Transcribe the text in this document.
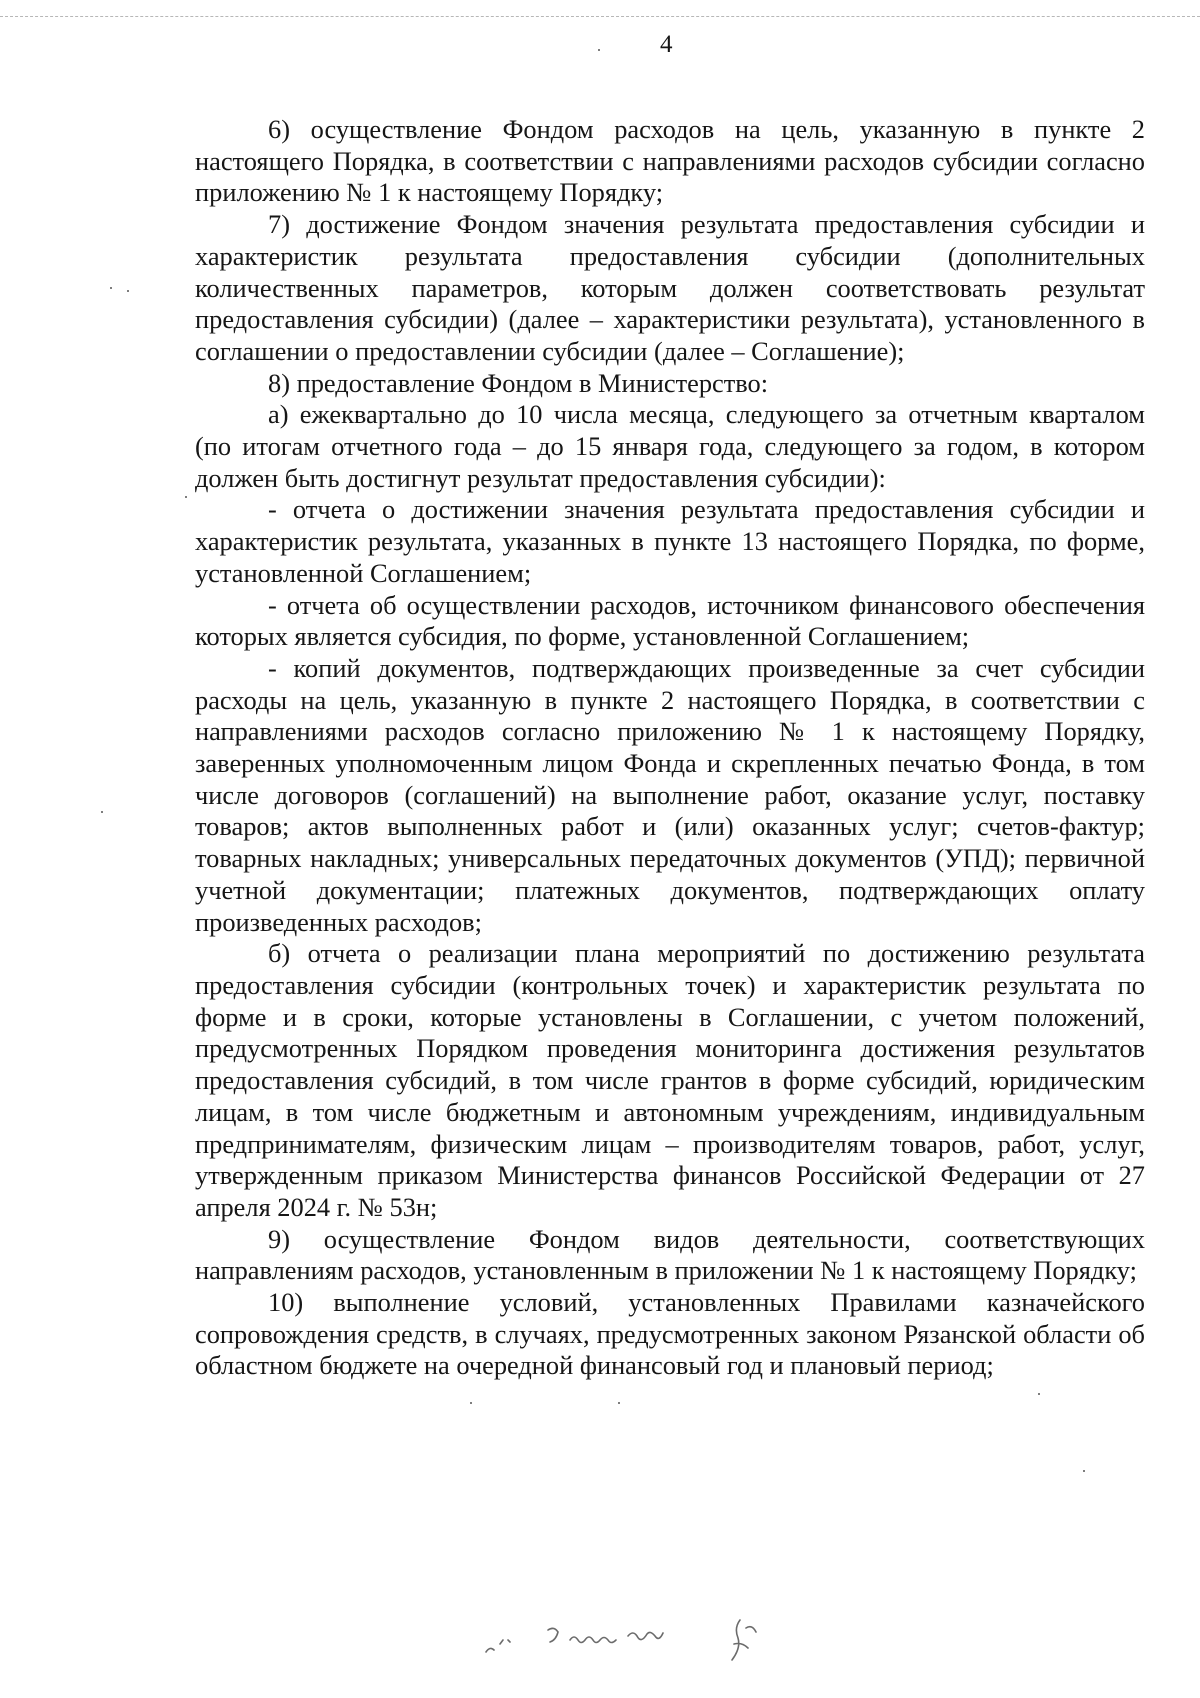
4

6) осуществление Фондом расходов на цель, указанную в пункте 2 настоящего Порядка, в соответствии с направлениями расходов субсидии согласно приложению № 1 к настоящему Порядку;

7) достижение Фондом значения результата предоставления субсидии и характеристик результата предоставления субсидии (дополнительных количественных параметров, которым должен соответствовать результат предоставления субсидии) (далее – характеристики результата), установленного в соглашении о предоставлении субсидии (далее – Соглашение);

8) предоставление Фондом в Министерство:

а) ежеквартально до 10 числа месяца, следующего за отчетным кварталом (по итогам отчетного года – до 15 января года, следующего за годом, в котором должен быть достигнут результат предоставления субсидии):

- отчета о достижении значения результата предоставления субсидии и характеристик результата, указанных в пункте 13 настоящего Порядка, по форме, установленной Соглашением;

- отчета об осуществлении расходов, источником финансового обеспечения которых является субсидия, по форме, установленной Соглашением;

- копий документов, подтверждающих произведенные за счет субсидии расходы на цель, указанную в пункте 2 настоящего Порядка, в соответствии с направлениями расходов согласно приложению № 1 к настоящему Порядку, заверенных уполномоченным лицом Фонда и скрепленных печатью Фонда, в том числе договоров (соглашений) на выполнение работ, оказание услуг, поставку товаров; актов выполненных работ и (или) оказанных услуг; счетов-фактур; товарных накладных; универсальных передаточных документов (УПД); первичной учетной документации; платежных документов, подтверждающих оплату произведенных расходов;

б) отчета о реализации плана мероприятий по достижению результата предоставления субсидии (контрольных точек) и характеристик результата по форме и в сроки, которые установлены в Соглашении, с учетом положений, предусмотренных Порядком проведения мониторинга достижения результатов предоставления субсидий, в том числе грантов в форме субсидий, юридическим лицам, в том числе бюджетным и автономным учреждениям, индивидуальным предпринимателям, физическим лицам – производителям товаров, работ, услуг, утвержденным приказом Министерства финансов Российской Федерации от 27 апреля 2024 г. № 53н;

9) осуществление Фондом видов деятельности, соответствующих направлениям расходов, установленным в приложении № 1 к настоящему Порядку;

10) выполнение условий, установленных Правилами казначейского сопровождения средств, в случаях, предусмотренных законом Рязанской области об областном бюджете на очередной финансовый год и плановый период;
